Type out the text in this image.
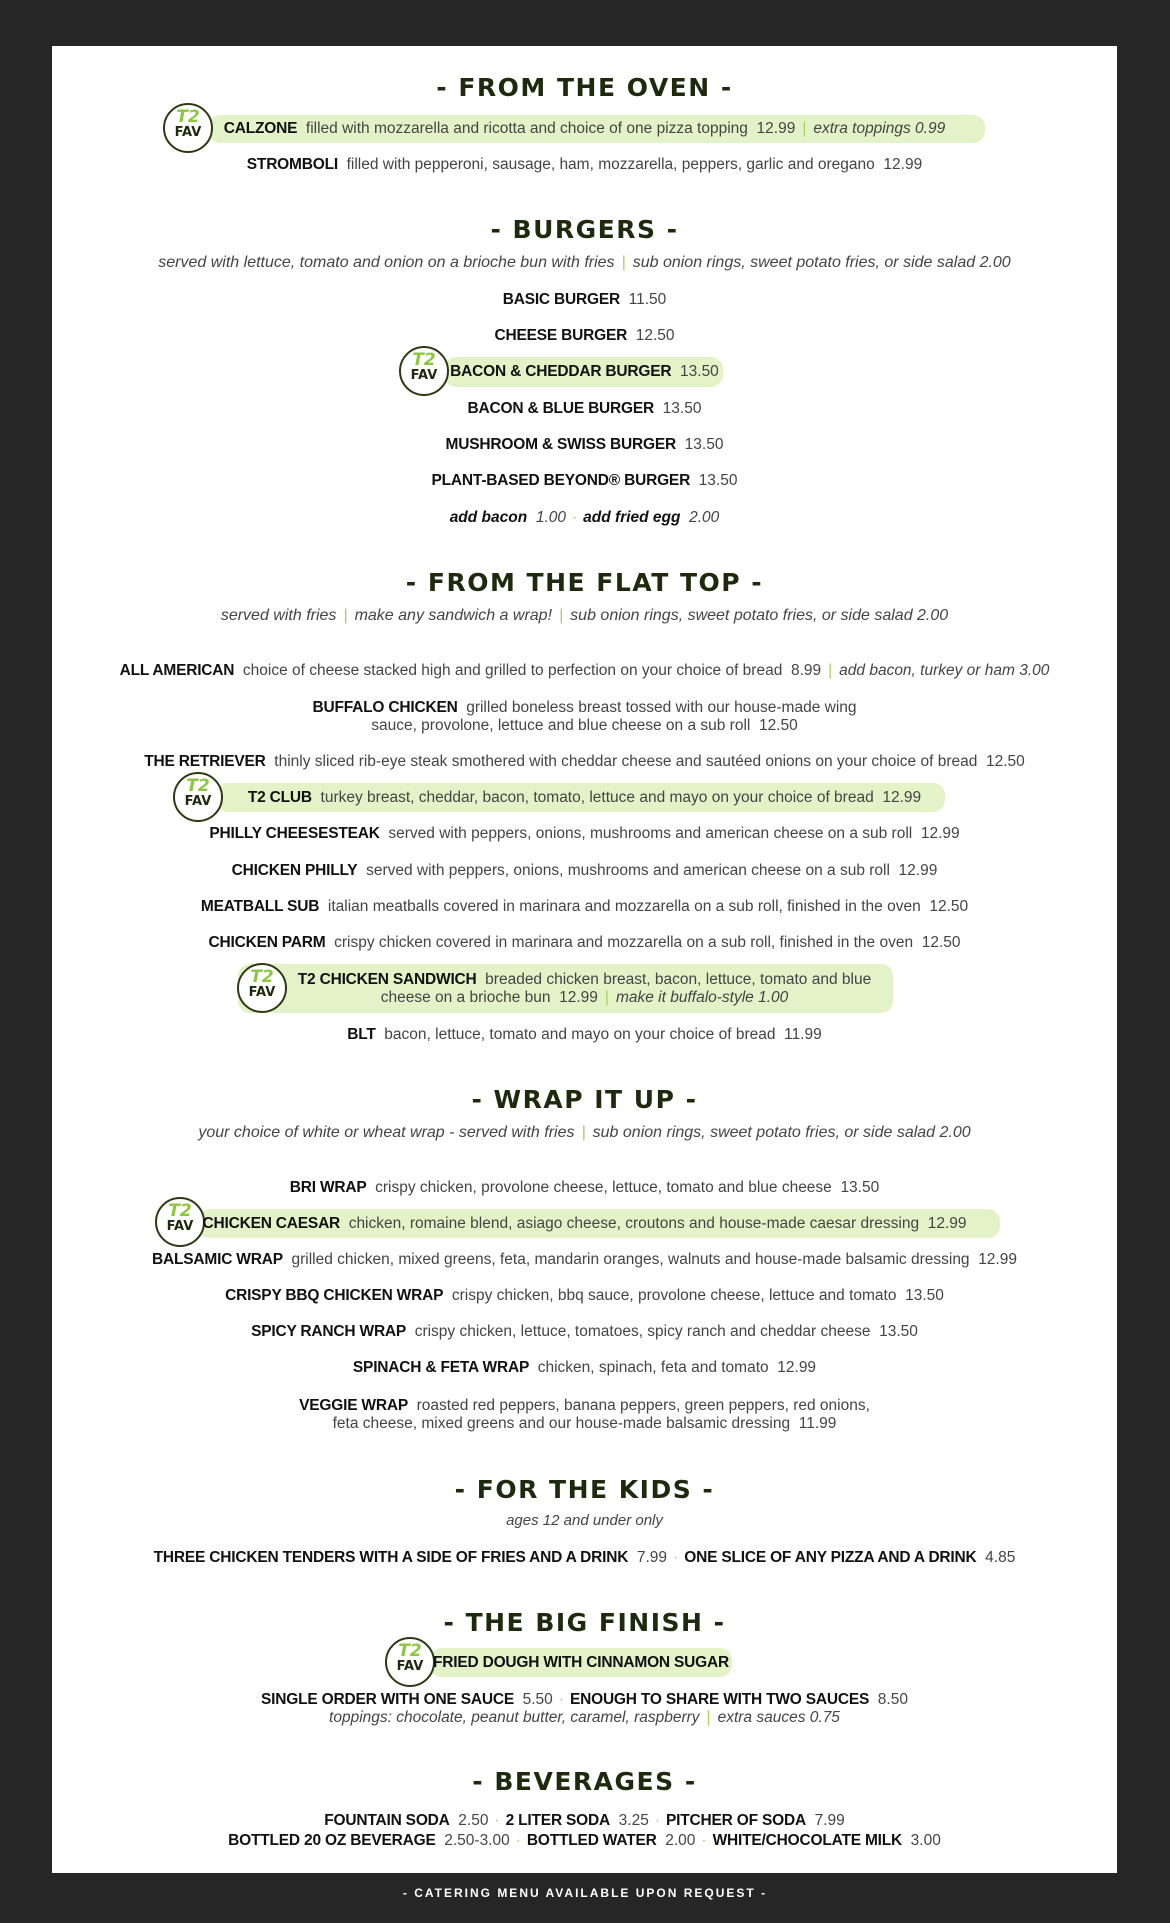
- FROM THE OVEN -
T2
FAV	CALZONE filled with mozzarella and ricotta and choice of one pizza topping 12.99 | extra toppings 0.99
STROMBOLI filled with pepperoni, sausage, ham, mozzarella, peppers, garlic and oregano 12.99
- BURGERS -
served with lettuce, tomato and onion on a brioche bun with fries | sub onion rings, sweet potato fries, or side salad 2.00
BASIC BURGER 11.50
CHEESE BURGER 12.50
T2
FAV BACON & CHEDDAR BURGER 13.50
BACON & BLUE BURGER 13.50
MUSHROOM & SWISS BURGER 13.50
PLANT-BASED BEYOND® BURGER 13.50
add bacon 1.00 · add fried egg 2.00
- FROM THE FLAT TOP -
served with fries | make any sandwich a wrap! | sub onion rings, sweet potato fries, or side salad 2.00
ALL AMERICAN choice of cheese stacked high and grilled to perfection on your choice of bread 8.99 | add bacon, turkey or ham 3.00
BUFFALO CHICKEN grilled boneless breast tossed with our house-made wing
sauce, provolone, lettuce and blue cheese on a sub roll 12.50
THE RETRIEVER thinly sliced rib-eye steak smothered with cheddar cheese and sautéed onions on your choice of bread 12.50
T2
FAV	T2 CLUB turkey breast, cheddar, bacon, tomato, lettuce and mayo on your choice of bread 12.99
PHILLY CHEESESTEAK served with peppers, onions, mushrooms and american cheese on a sub roll 12.99
CHICKEN PHILLY served with peppers, onions, mushrooms and american cheese on a sub roll 12.99
MEATBALL SUB italian meatballs covered in marinara and mozzarella on a sub roll, finished in the oven 12.50
CHICKEN PARM crispy chicken covered in marinara and mozzarella on a sub roll, finished in the oven 12.50
T2
FAV
T2 CHICKEN SANDWICH breaded chicken breast, bacon, lettuce, tomato and blue
cheese on a brioche bun 12.99 | make it buffalo-style 1.00
BLT bacon, lettuce, tomato and mayo on your choice of bread 11.99
- WRAP IT UP -
your choice of white or wheat wrap - served with fries | sub onion rings, sweet potato fries, or side salad 2.00
BRI WRAP crispy chicken, provolone cheese, lettuce, tomato and blue cheese 13.50
T2
FAV CHICKEN CAESAR chicken, romaine blend, asiago cheese, croutons and house-made caesar dressing 12.99
BALSAMIC WRAP grilled chicken, mixed greens, feta, mandarin oranges, walnuts and house-made balsamic dressing 12.99
CRISPY BBQ CHICKEN WRAP crispy chicken, bbq sauce, provolone cheese, lettuce and tomato 13.50
SPICY RANCH WRAP crispy chicken, lettuce, tomatoes, spicy ranch and cheddar cheese 13.50
SPINACH & FETA WRAP chicken, spinach, feta and tomato 12.99
VEGGIE WRAP roasted red peppers, banana peppers, green peppers, red onions,
feta cheese, mixed greens and our house-made balsamic dressing 11.99
- FOR THE KIDS -
ages 12 and under only
THREE CHICKEN TENDERS WITH A SIDE OF FRIES AND A DRINK 7.99 · ONE SLICE OF ANY PIZZA AND A DRINK 4.85
- THE BIG FINISH -
T2
FAV FRIED DOUGH WITH CINNAMON SUGAR
SINGLE ORDER WITH ONE SAUCE 5.50 · ENOUGH TO SHARE WITH TWO SAUCES 8.50
toppings: chocolate, peanut butter, caramel, raspberry | extra sauces 0.75
- BEVERAGES -
FOUNTAIN SODA 2.50 · 2 LITER SODA 3.25 · PITCHER OF SODA 7.99
BOTTLED 20 OZ BEVERAGE 2.50-3.00 · BOTTLED WATER 2.00 · WHITE/CHOCOLATE MILK 3.00
- CATERING MENU AVAILABLE UPON REQUEST -
